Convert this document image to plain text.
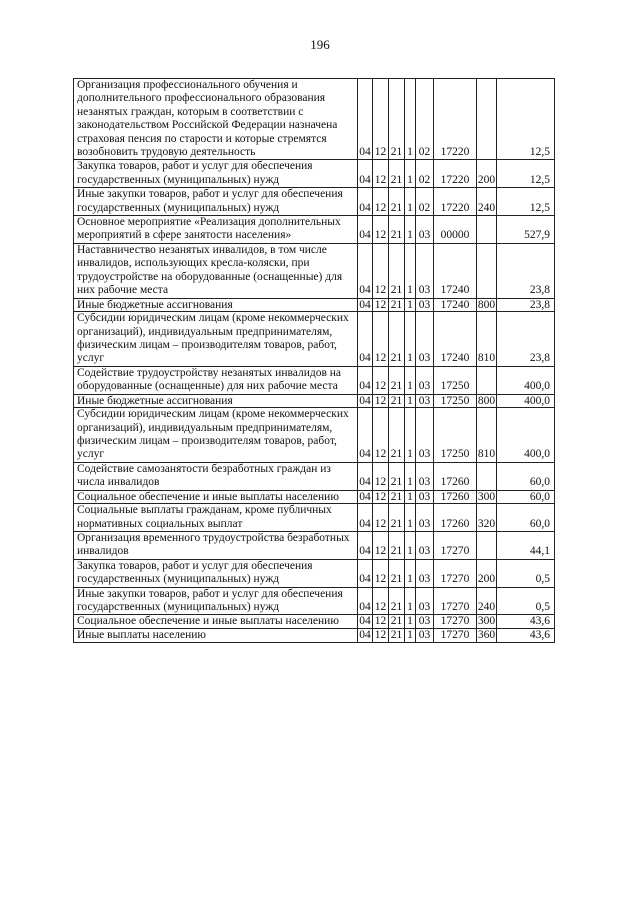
196
Организация профессионального обучения и дополнительного профессионального образования незанятых граждан, которым в соответствии с законодательством Российской Федерации назначена страховая пенсия по старости и которые стремятся возобновить трудовую деятельность	04	12	21	1	02	17220		12,5
Закупка товаров, работ и услуг для обеспечения государственных (муниципальных) нужд	04	12	21	1	02	17220	200	12,5
Иные закупки товаров, работ и услуг для обеспечения государственных (муниципальных) нужд	04	12	21	1	02	17220	240	12,5
Основное мероприятие «Реализация дополнительных мероприятий в сфере занятости населения»	04	12	21	1	03	00000		527,9
Наставничество незанятых инвалидов, в том числе инвалидов, использующих кресла-коляски, при трудоустройстве на оборудованные (оснащенные) для них рабочие места	04	12	21	1	03	17240		23,8
Иные бюджетные ассигнования	04	12	21	1	03	17240	800	23,8
Субсидии юридическим лицам (кроме некоммерческих организаций), индивидуальным предпринимателям, физическим лицам – производителям товаров, работ, услуг	04	12	21	1	03	17240	810	23,8
Содействие трудоустройству незанятых инвалидов на оборудованные (оснащенные) для них рабочие места	04	12	21	1	03	17250		400,0
Иные бюджетные ассигнования	04	12	21	1	03	17250	800	400,0
Субсидии юридическим лицам (кроме некоммерческих организаций), индивидуальным предпринимателям, физическим лицам – производителям товаров, работ, услуг	04	12	21	1	03	17250	810	400,0
Содействие самозанятости безработных граждан из числа инвалидов	04	12	21	1	03	17260		60,0
Социальное обеспечение и иные выплаты населению	04	12	21	1	03	17260	300	60,0
Социальные выплаты гражданам, кроме публичных нормативных социальных выплат	04	12	21	1	03	17260	320	60,0
Организация временного трудоустройства безработных инвалидов	04	12	21	1	03	17270		44,1
Закупка товаров, работ и услуг для обеспечения государственных (муниципальных) нужд	04	12	21	1	03	17270	200	0,5
Иные закупки товаров, работ и услуг для обеспечения государственных (муниципальных) нужд	04	12	21	1	03	17270	240	0,5
Социальное обеспечение и иные выплаты населению	04	12	21	1	03	17270	300	43,6
Иные выплаты населению	04	12	21	1	03	17270	360	43,6
